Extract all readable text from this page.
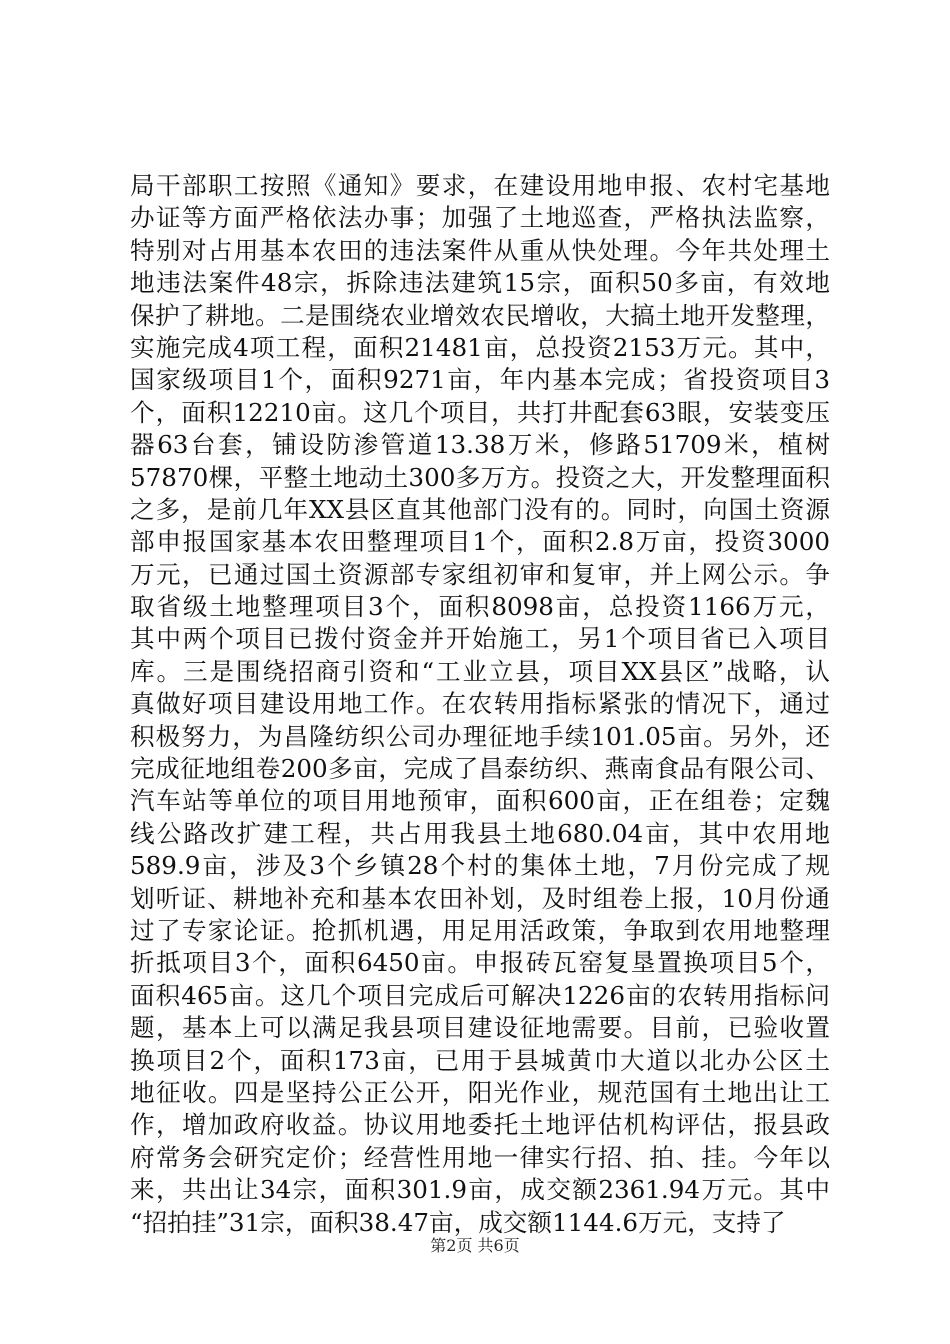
局干部职工按照《通知》要求，在建设用地申报、农村宅基地
办证等方面严格依法办事；加强了土地巡查，严格执法监察，
特别对占用基本农田的违法案件从重从快处理。今年共处理土
地违法案件48宗，拆除违法建筑15宗，面积50多亩，有效地
保护了耕地。二是围绕农业增效农民增收，大搞土地开发整理，
实施完成4项工程，面积21481亩，总投资2153万元。其中，
国家级项目1个，面积9271亩，年内基本完成；省投资项目3
个，面积12210亩。这几个项目，共打井配套63眼，安装变压
器63台套，铺设防渗管道13.38万米，修路51709米，植树
57870棵，平整土地动土300多万方。投资之大，开发整理面积
之多，是前几年XX县区直其他部门没有的。同时，向国土资源
部申报国家基本农田整理项目1个，面积2.8万亩，投资3000
万元，已通过国土资源部专家组初审和复审，并上网公示。争
取省级土地整理项目3个，面积8098亩，总投资1166万元，
其中两个项目已拨付资金并开始施工，另1个项目省已入项目
库。三是围绕招商引资和“工业立县，项目XX县区”战略，认
真做好项目建设用地工作。在农转用指标紧张的情况下，通过
积极努力，为昌隆纺织公司办理征地手续101.05亩。另外，还
完成征地组卷200多亩，完成了昌泰纺织、燕南食品有限公司、
汽车站等单位的项目用地预审，面积600亩，正在组卷；定魏
线公路改扩建工程，共占用我县土地680.04亩，其中农用地
589.9亩，涉及3个乡镇28个村的集体土地，7月份完成了规
划听证、耕地补充和基本农田补划，及时组卷上报，10月份通
过了专家论证。抢抓机遇，用足用活政策，争取到农用地整理
折抵项目3个，面积6450亩。申报砖瓦窑复垦置换项目5个，
面积465亩。这几个项目完成后可解决1226亩的农转用指标问
题，基本上可以满足我县项目建设征地需要。目前，已验收置
换项目2个，面积173亩，已用于县城黄巾大道以北办公区土
地征收。四是坚持公正公开，阳光作业，规范国有土地出让工
作，增加政府收益。协议用地委托土地评估机构评估，报县政
府常务会研究定价；经营性用地一律实行招、拍、挂。今年以
来，共出让34宗，面积301.9亩，成交额2361.94万元。其中
“招拍挂”31宗，面积38.47亩，成交额1144.6万元，支持了
第2页 共6页
